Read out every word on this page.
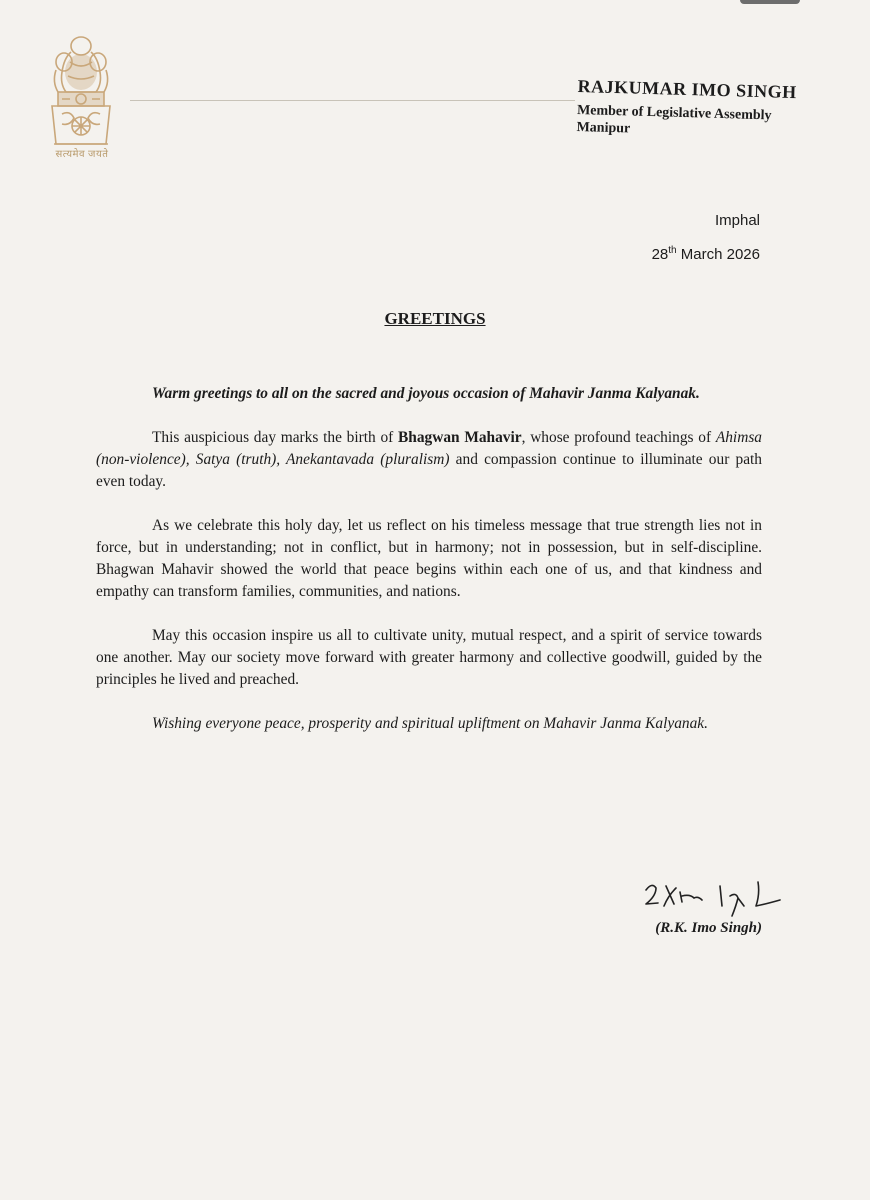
सत्यमेव जयते
RAJKUMAR IMO SINGH
Member of Legislative Assembly
Manipur
Imphal
28th March 2026
GREETINGS

Warm greetings to all on the sacred and joyous occasion of Mahavir Janma Kalyanak.

This auspicious day marks the birth of Bhagwan Mahavir, whose profound teachings of Ahimsa (non-violence), Satya (truth), Anekantavada (pluralism) and compassion continue to illuminate our path even today.

As we celebrate this holy day, let us reflect on his timeless message that true strength lies not in force, but in understanding; not in conflict, but in harmony; not in possession, but in self-discipline. Bhagwan Mahavir showed the world that peace begins within each one of us, and that kindness and empathy can transform families, communities, and nations.

May this occasion inspire us all to cultivate unity, mutual respect, and a spirit of service towards one another. May our society move forward with greater harmony and collective goodwill, guided by the principles he lived and preached.

Wishing everyone peace, prosperity and spiritual upliftment on Mahavir Janma Kalyanak.

(R.K. Imo Singh)
